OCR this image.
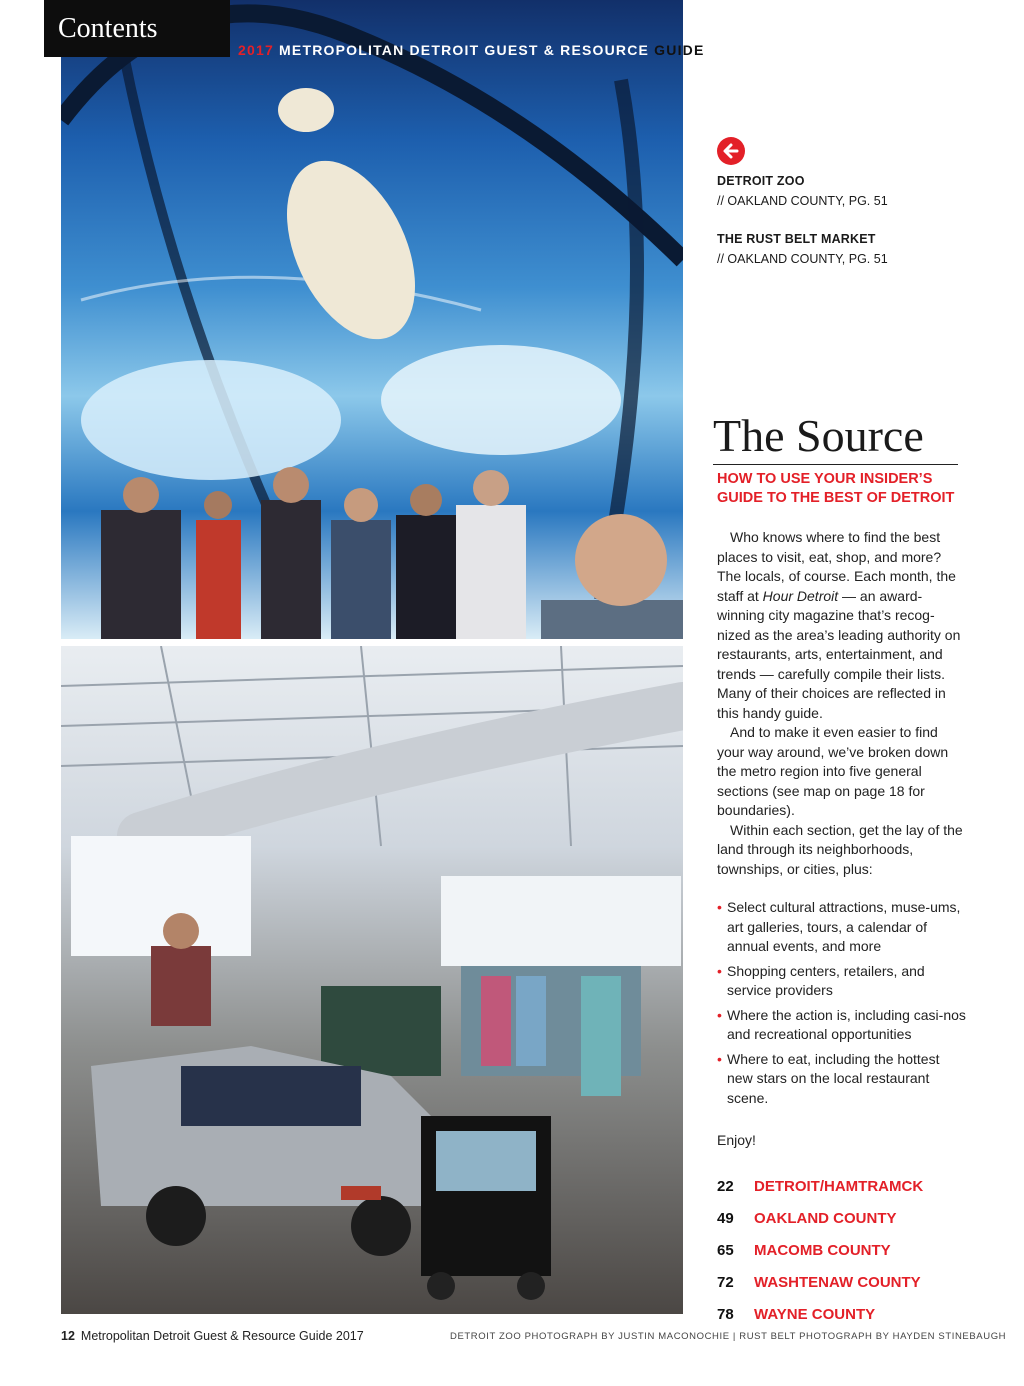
Contents
2017 METROPOLITAN DETROIT GUEST & RESOURCE GUIDE
DETROIT ZOO
// OAKLAND COUNTY, PG. 51
THE RUST BELT MARKET
// OAKLAND COUNTY, PG. 51
The Source
HOW TO USE YOUR INSIDER’S GUIDE TO THE BEST OF DETROIT

Who knows where to find the best places to visit, eat, shop, and more? The locals, of course. Each month, the staff at Hour Detroit — an award-winning city magazine that’s recog-nized as the area’s leading authority on restaurants, arts, entertainment, and trends — carefully compile their lists. Many of their choices are reflected in this handy guide.

And to make it even easier to find your way around, we’ve broken down the metro region into five general sections (see map on page 18 for boundaries).

Within each section, get the lay of the land through its neighborhoods, townships, or cities, plus:

• Select cultural attractions, muse-ums, art galleries, tours, a calendar of annual events, and more
• Shopping centers, retailers, and service providers
• Where the action is, including casi-nos and recreational opportunities
• Where to eat, including the hottest new stars on the local restaurant scene.
Enjoy!
22	DETROIT/HAMTRAMCK
49	OAKLAND COUNTY
65	MACOMB COUNTY
72	WASHTENAW COUNTY
78	WAYNE COUNTY
12 Metropolitan Detroit Guest & Resource Guide 2017	DETROIT ZOO PHOTOGRAPH BY JUSTIN MACONOCHIE | RUST BELT PHOTOGRAPH BY HAYDEN STINEBAUGH
